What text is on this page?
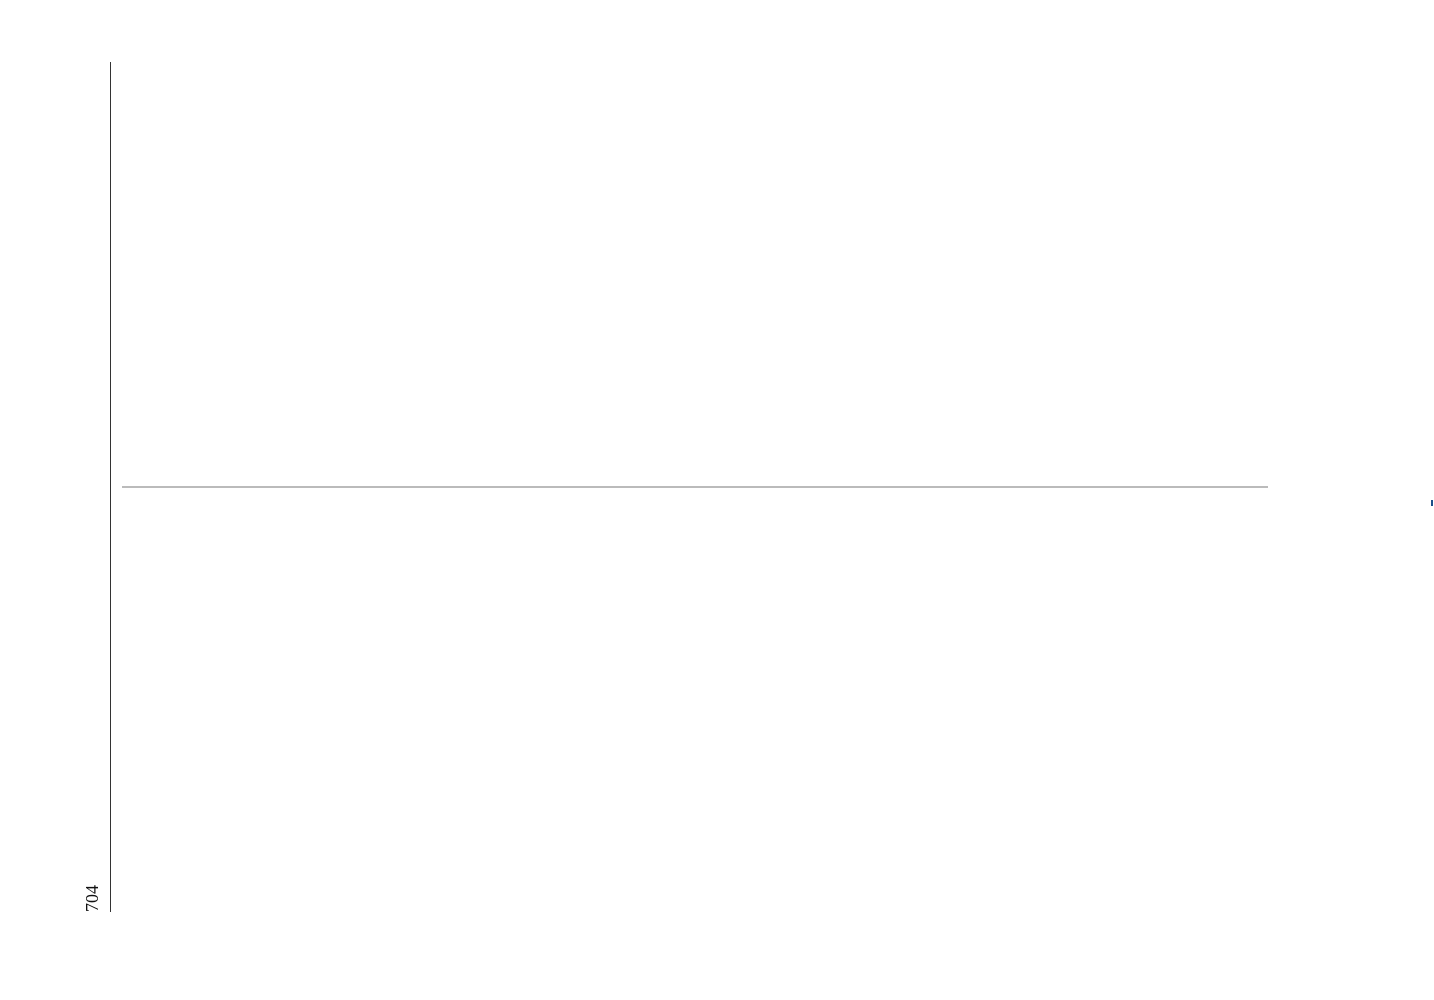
704
